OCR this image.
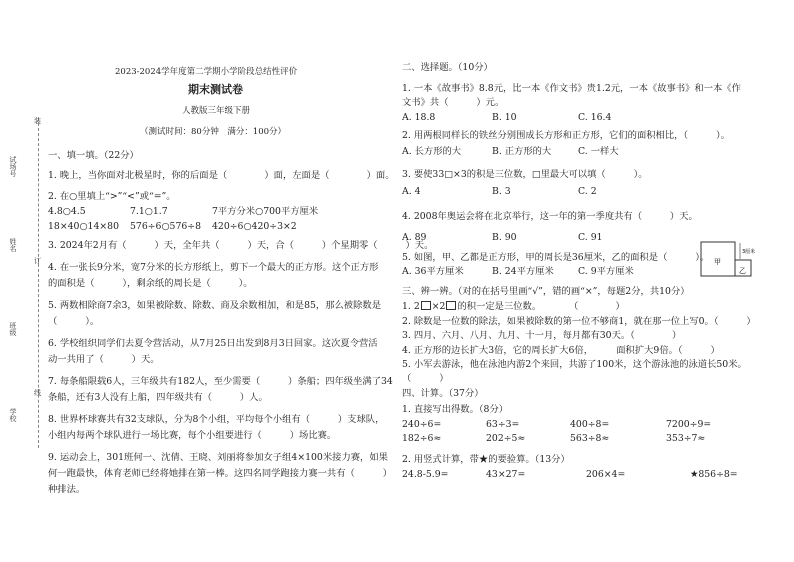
试场号
姓名
班级
学校
装
订
线
2023-2024学年度第二学期小学阶段总结性评价
期末测试卷
人教版三年级下册
（测试时间：80分钟　满分：100分）
一、填一填。（22分）
1. 晚上，当你面对北极星时，你的后面是（　　　　）面，左面是（　　　　）面。
2. 在○里填上“>”“<”或“=”。
4.8○4.5	7.1○1.7	7平方分米○700平方厘米
18×40○14×80 576÷6○576÷8 420÷6○420÷3×2
3. 2024年2月有（　　　）天，全年共（　　　）天，合（　　　）个星期零（　　　）天。
4. 在一张长9分米，宽7分米的长方形纸上，剪下一个最大的正方形。这个正方形
的面积是（　　　），剩余纸的周长是（　　　）。
5. 两数相除商7余3，如果被除数、除数、商及余数相加，和是85，那么被除数是
（　　　）。
6. 学校组织同学们去夏令营活动，从7月25日出发到8月3日回家。这次夏令营活
动一共用了（　　　）天。
7. 每条船限载6人，三年级共有182人，至少需要（　　　）条船；四年级坐满了34
条船，还有3人没有上船，四年级共有（　　　）人。
8. 世界杯球赛共有32支球队，分为8个小组，平均每个小组有（　　　）支球队，
小组内每两个球队进行一场比赛，每个小组要进行（　　　）场比赛。
9. 运动会上，301班何一、沈倩、王晓、刘丽将参加女子组4×100米接力赛，如果
何一跑最快，体育老师已经将她排在第一棒。这四名同学跑接力赛一共有（　　　）
种排法。
二、选择题。（10分）
1. 一本《故事书》8.8元，比一本《作文书》贵1.2元，一本《故事书》和一本《作
文书》共（　　　）元。
A. 18.8	B. 10	C. 16.4
2. 用两根同样长的铁丝分别围成长方形和正方形，它们的面积相比，（　　　）。
A. 长方形的大	B. 正方形的大	C. 一样大
3. 要使33□×3的积是三位数，□里最大可以填（　　　）。
A. 4	B. 3	C. 2
4. 2008年奥运会将在北京举行，这一年的第一季度共有（　　　）天。
A. 89	B. 90	C. 91
5. 如图，甲、乙都是正方形，甲的周长是36厘米，乙的面积是（　　　）。
A. 36平方厘米	B. 24平方厘米	C. 9平方厘米
甲
乙
3厘米
三、辨一辨。（对的在括号里画“√”，错的画“×”，每题2分，共10分）
1. 2 ×2 的积一定是三位数。　　　　（　　　　）
2. 除数是一位数的除法，如果被除数的第一位不够商1，就在那一位上写0。（　　　）
3. 四月、六月、八月、九月、十一月，每月都有30天。（　　　　）
4. 正方形的边长扩大3倍，它的周长扩大6倍，　　　面积扩大9倍。（　　　）
5. 小军去游泳，他在泳池内游2个来回，共游了100米，这个游泳池的泳道长50米。
（　　　）
四、计算。（37分）
1. 直接写出得数。（8分）
240÷6=	63÷3=	400÷8=	7200÷9=
182÷6≈	202÷5≈	563÷8≈	353÷7≈
2. 用竖式计算，带★的要验算。（13分）
24.8-5.9=	43×27=	206×4=	★856÷8=
